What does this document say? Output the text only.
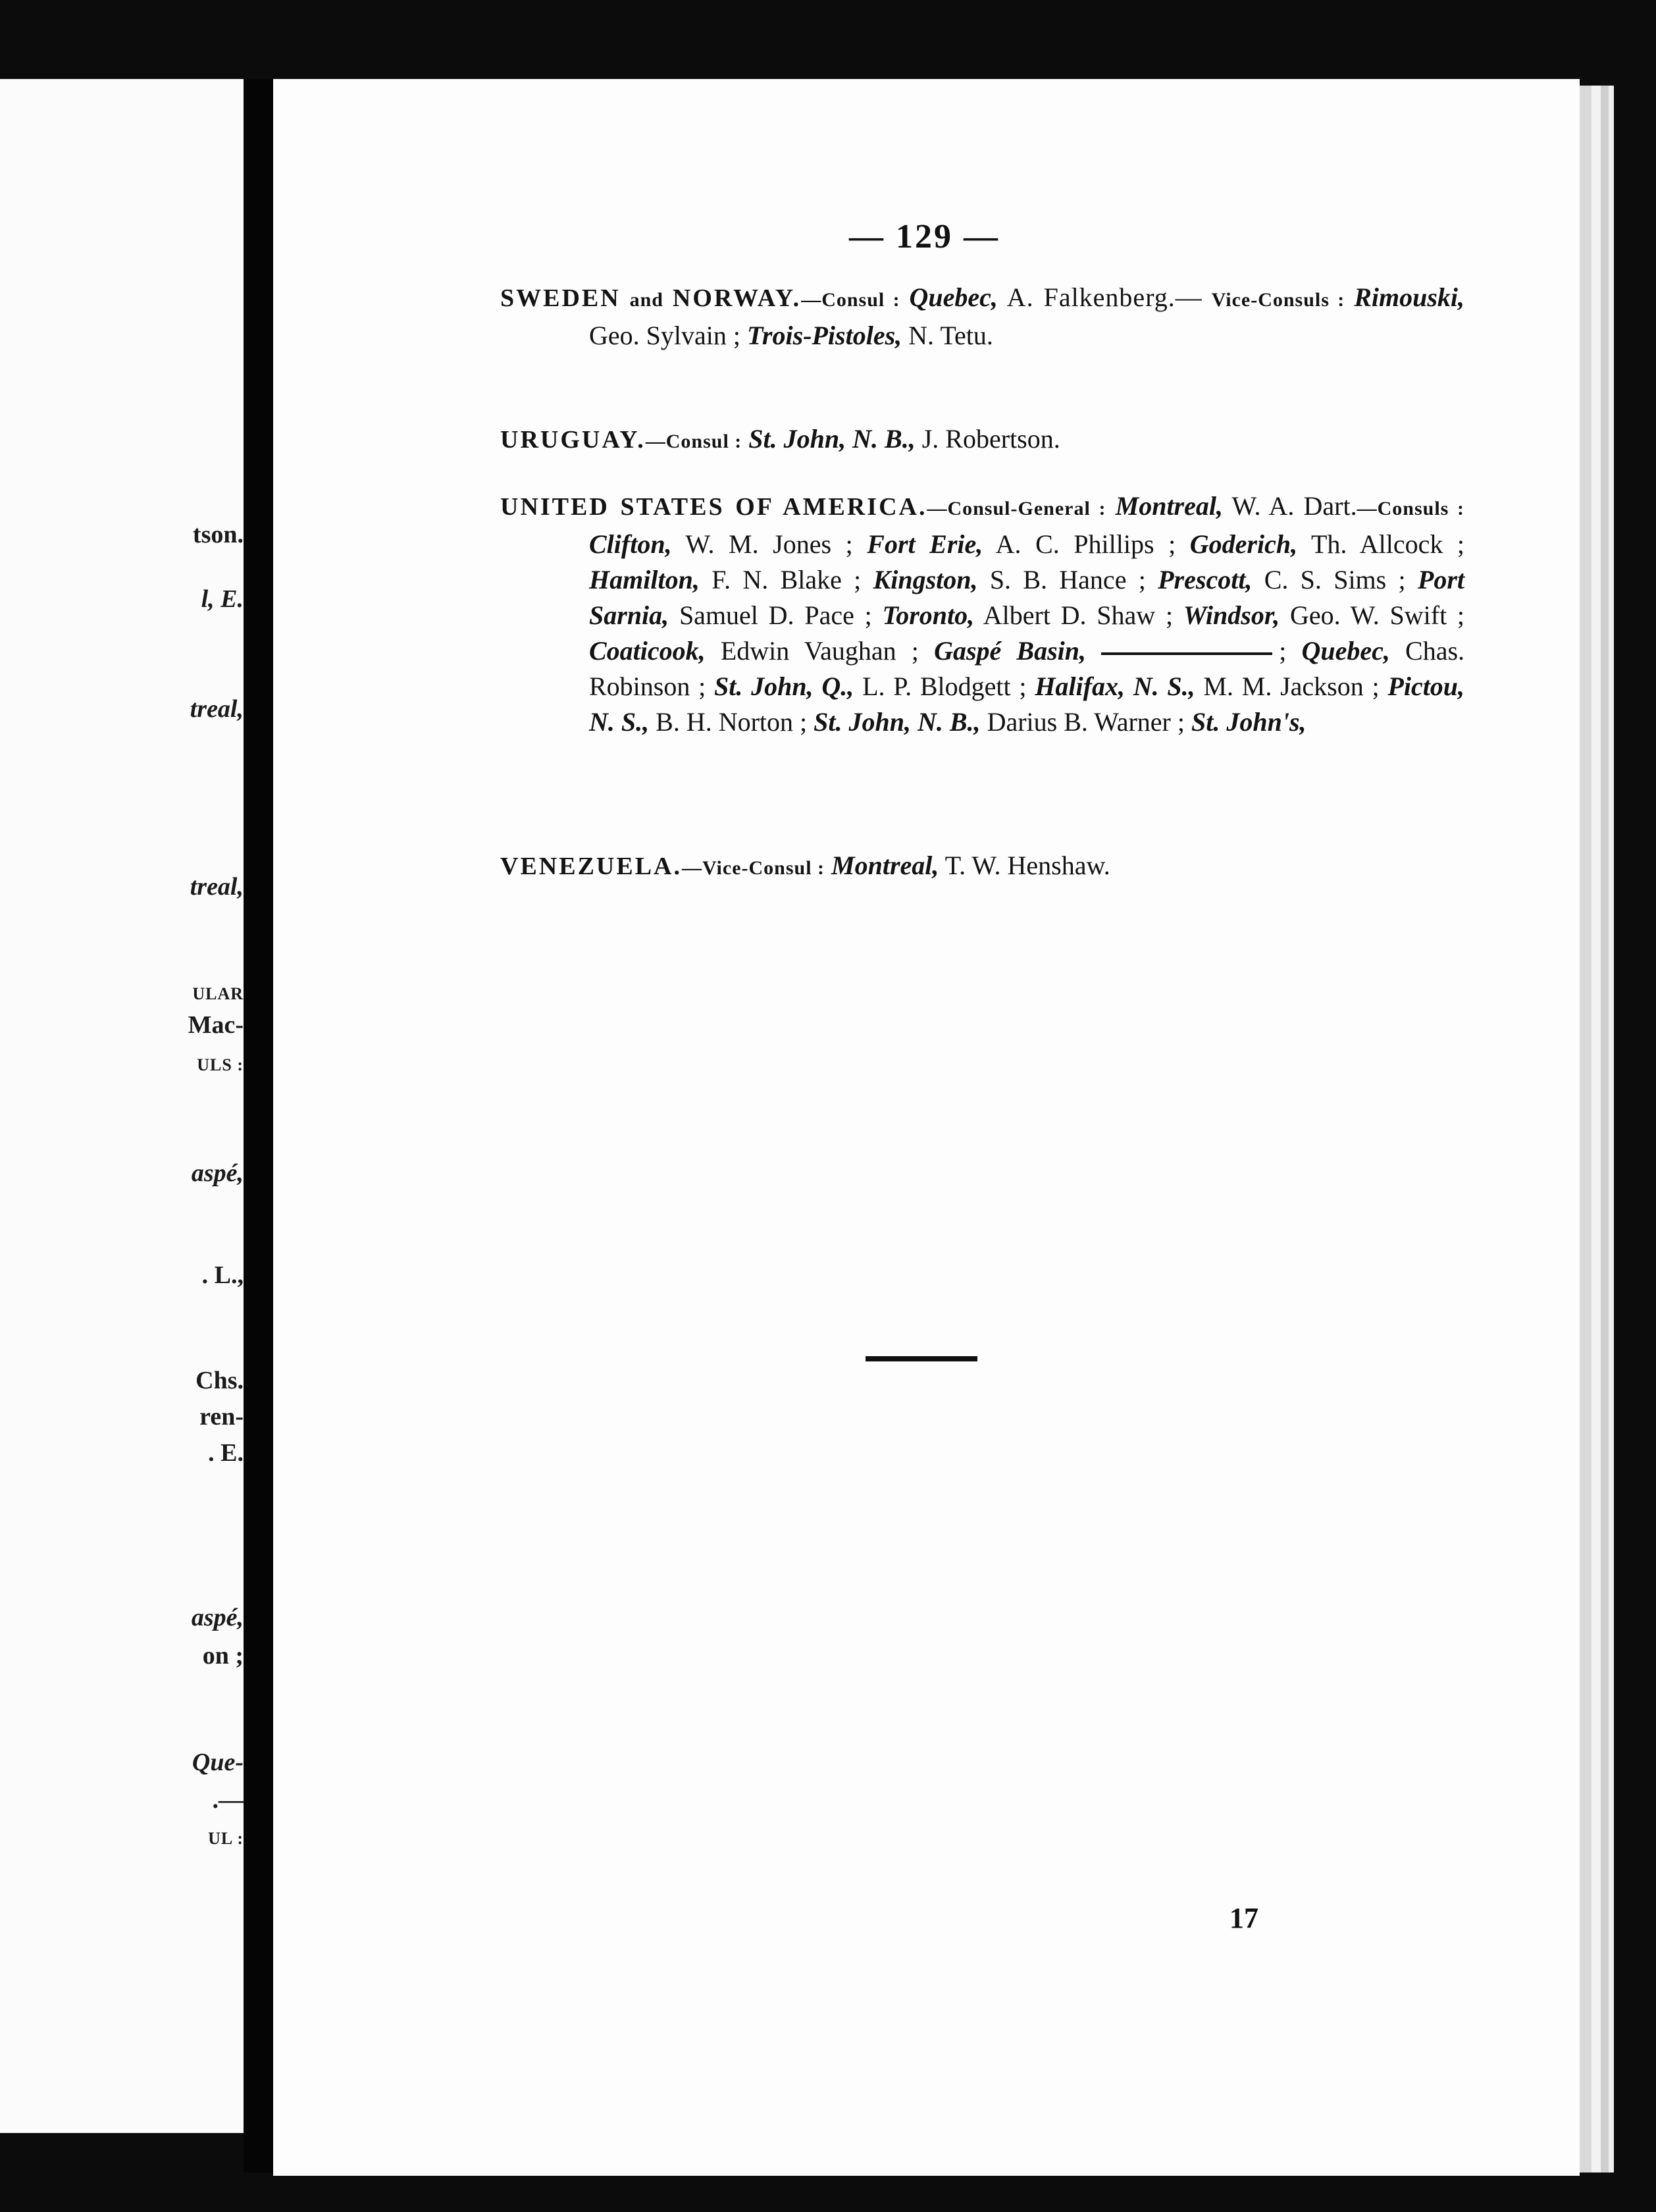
tson.
l, E.
treal,
treal,
ULAR
Mac-
ULS :
aspé,
. L.,
Chs.
ren-
. E.
aspé,
on ;
Que-
.—
UL :
— 129 —
SWEDEN and NORWAY.—Consul : Quebec, A. Falkenberg.— Vice-Consuls : Rimouski, Geo. Sylvain ; Trois-Pistoles, N. Tetu.
URUGUAY.—Consul : St. John, N. B., J. Robertson.
UNITED STATES OF AMERICA.—Consul-General : Montreal, W. A. Dart.—Consuls : Clifton, W. M. Jones ; Fort Erie, A. C. Phillips ; Goderich, Th. Allcock ; Hamilton, F. N. Blake ; Kingston, S. B. Hance ; Prescott, C. S. Sims ; Port Sarnia, Samuel D. Pace ; Toronto, Albert D. Shaw ; Windsor, Geo. W. Swift ; Coaticook, Edwin Vaughan ; Gaspé Basin,	; Quebec, Chas. Robinson ; St. John, Q., L. P. Blodgett ; Halifax, N. S., M. M. Jackson ; Pictou, N. S., B. H. Norton ; St. John, N. B., Darius B. Warner ; St. John's,
VENEZUELA.—Vice-Consul : Montreal, T. W. Henshaw.
17
